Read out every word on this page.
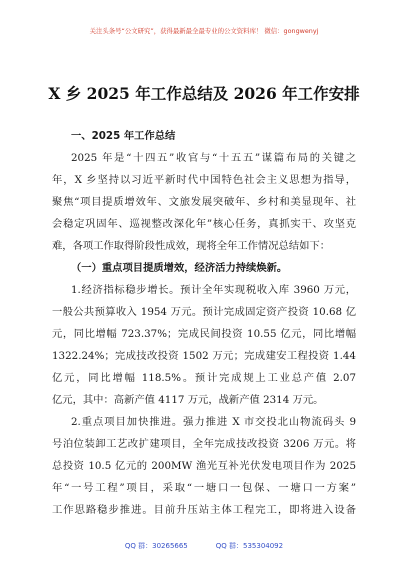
关注头条号“公文研究”，获得最新最全最专业的公文资料库！ 微信：gongwenyj
X 乡 2025 年工作总结及 2026 年工作安排
一、2025 年工作总结
2025 年是“十四五”收官与“十五五”谋篇布局的关键之
年，X 乡坚持以习近平新时代中国特色社会主义思想为指导，
聚焦“项目提质增效年、文旅发展突破年、乡村和美显现年、社
会稳定巩固年、巡视整改深化年”核心任务，真抓实干、攻坚克
难，各项工作取得阶段性成效，现将全年工作情况总结如下：
（一）重点项目提质增效，经济活力持续焕新。
1.经济指标稳步增长。预计全年实现税收入库 3960 万元，
一般公共预算收入 1954 万元。预计完成固定资产投资 10.68 亿
元，同比增幅 723.37%；完成民间投资 10.55 亿元，同比增幅
1322.24%；完成技改投资 1502 万元；完成建安工程投资 1.44
亿元，同比增幅 118.5%。预计完成规上工业总产值 2.07
亿元，其中：高新产值 4117 万元，战新产值 2314 万元。
2.重点项目加快推进。强力推进 X 市交投北山物流码头 9
号泊位装卸工艺改扩建项目，全年完成技改投资 3206 万元。将
总投资 10.5 亿元的 200MW 渔光互补光伏发电项目作为 2025
年“一号工程”项目，采取“一塘口一包保、一塘口一方案”
工作思路稳步推进。目前升压站主体工程完工，即将进入设备
QQ 群：30265665	QQ 群：535304092
